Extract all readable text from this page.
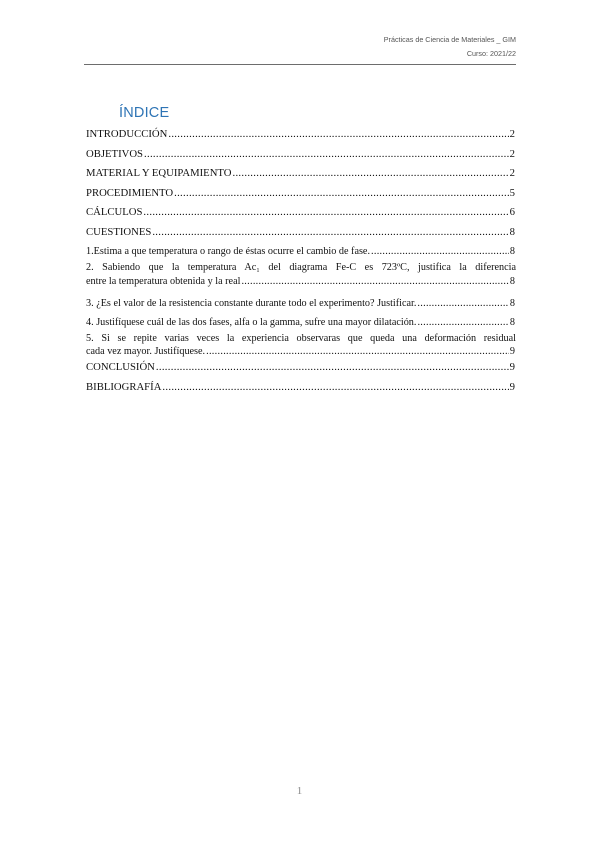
Prácticas de Ciencia de Materiales _ GIM
Curso: 2021/22
ÍNDICE
INTRODUCCIÓN .....	2
OBJETIVOS .....	2
MATERIAL Y EQUIPAMIENTO .....	2
PROCEDIMIENTO .....	5
CÁLCULOS .....	6
CUESTIONES .....	8
1.Estima a que temperatura o rango de éstas ocurre el cambio de fase. .....	8
2. Sabiendo que la temperatura Ac₁ del diagrama Fe-C es 723ºC, justifica la diferencia
entre la temperatura obtenida y la real .....	8
3. ¿Es el valor de la resistencia constante durante todo el experimento? Justificar. .....	8
4. Justifíquese cuál de las dos fases, alfa o la gamma, sufre una mayor dilatación. .....	8
5. Si se repite varias veces la experiencia observaras que queda una deformación residual
cada vez mayor. Justifíquese. .....	9
CONCLUSIÓN .....	9
BIBLIOGRAFÍA .....	9
1
